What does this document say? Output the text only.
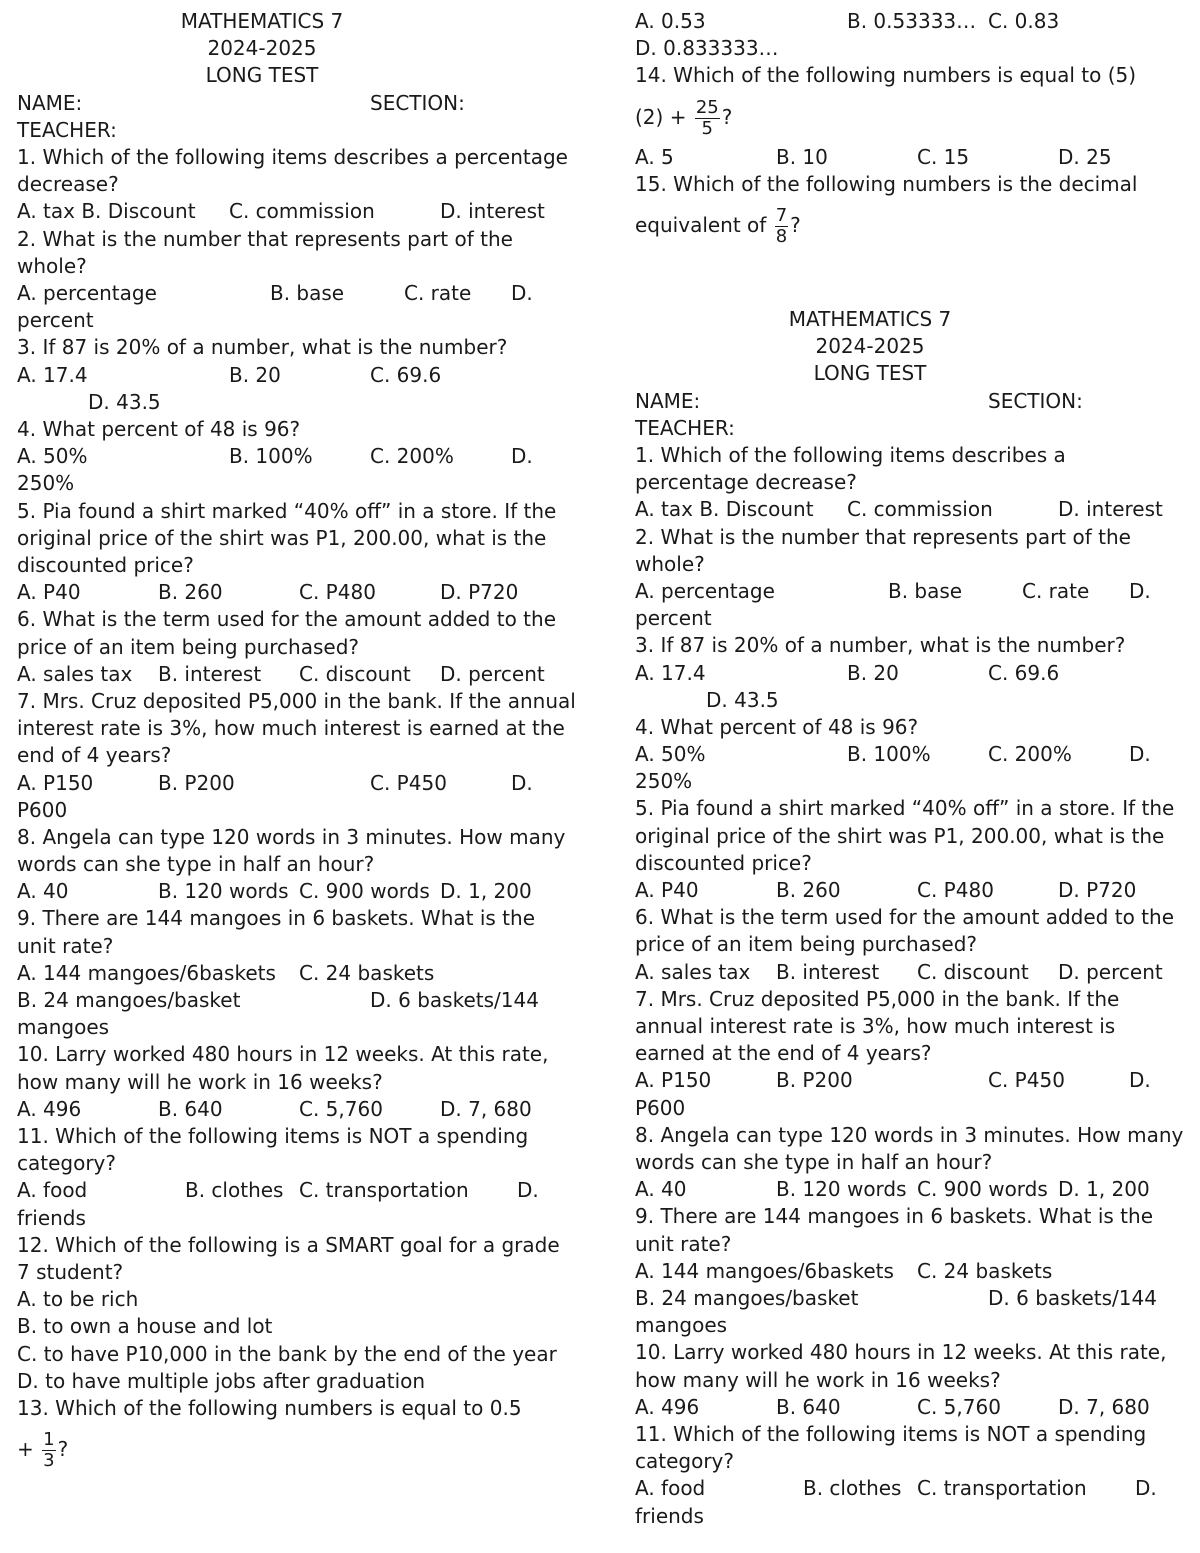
MATHEMATICS 7
2024-2025
LONG TEST
NAME:	SECTION:
TEACHER:
1. Which of the following items describes a percentage decrease?
A. tax B. Discount C. commission	D. interest
2. What is the number that represents part of the whole?
A. percentage	B. base	C. rate D.
percent
3. If 87 is 20% of a number, what is the number?
A. 17.4	B. 20	C. 69.6
D. 43.5
4. What percent of 48 is 96?
A. 50%	B. 100%	C. 200%	D.
250%
5. Pia found a shirt marked “40% off” in a store. If the original price of the shirt was P1, 200.00, what is the discounted price?
A. P40	B. 260	C. P480	D. P720
6. What is the term used for the amount added to the price of an item being purchased?
A. sales tax B. interest C. discount D. percent
7. Mrs. Cruz deposited P5,000 in the bank. If the annual interest rate is 3%, how much interest is earned at the end of 4 years?
A. P150	B. P200	C. P450	D.
P600
8. Angela can type 120 words in 3 minutes. How many words can she type in half an hour?
A. 40	B. 120 words C. 900 words D. 1, 200
9. There are 144 mangoes in 6 baskets. What is the unit rate?
A. 144 mangoes/6baskets C. 24 baskets
B. 24 mangoes/basket	D. 6 baskets/144
mangoes
10. Larry worked 480 hours in 12 weeks. At this rate, how many will he work in 16 weeks?
A. 496	B. 640	C. 5,760	D. 7, 680
11. Which of the following items is NOT a spending category?
A. food	B. clothes C. transportation D.
friends
12. Which of the following is a SMART goal for a grade 7 student?
A. to be rich
B. to own a house and lot
C. to have P10,000 in the bank by the end of the year
D. to have multiple jobs after graduation
13. Which of the following numbers is equal to 0.5
+ $\frac{1}{3}$ ?
A. 0.53	B. 0.53333… C. 0.83
D. 0.833333…
14. Which of the following numbers is equal to (5)
$(2) + \frac{25}{5}$ ?
A. 5	B. 10	C. 15	D. 25
15. Which of the following numbers is the decimal
equivalent of $\frac{7}{8}$ ?
MATHEMATICS 7
2024-2025
LONG TEST
NAME:	SECTION:
TEACHER:
1. Which of the following items describes a percentage decrease?
A. tax B. Discount C. commission	D. interest
2. What is the number that represents part of the whole?
A. percentage	B. base	C. rate D.
percent
3. If 87 is 20% of a number, what is the number?
A. 17.4	B. 20	C. 69.6
D. 43.5
4. What percent of 48 is 96?
A. 50%	B. 100%	C. 200%	D.
250%
5. Pia found a shirt marked “40% off” in a store. If the original price of the shirt was P1, 200.00, what is the discounted price?
A. P40	B. 260	C. P480	D. P720
6. What is the term used for the amount added to the price of an item being purchased?
A. sales tax B. interest C. discount D. percent
7. Mrs. Cruz deposited P5,000 in the bank. If the annual interest rate is 3%, how much interest is earned at the end of 4 years?
A. P150	B. P200	C. P450	D.
P600
8. Angela can type 120 words in 3 minutes. How many words can she type in half an hour?
A. 40	B. 120 words C. 900 words D. 1, 200
9. There are 144 mangoes in 6 baskets. What is the unit rate?
A. 144 mangoes/6baskets C. 24 baskets
B. 24 mangoes/basket	D. 6 baskets/144
mangoes
10. Larry worked 480 hours in 12 weeks. At this rate, how many will he work in 16 weeks?
A. 496	B. 640	C. 5,760	D. 7, 680
11. Which of the following items is NOT a spending category?
A. food	B. clothes C. transportation D.
friends
